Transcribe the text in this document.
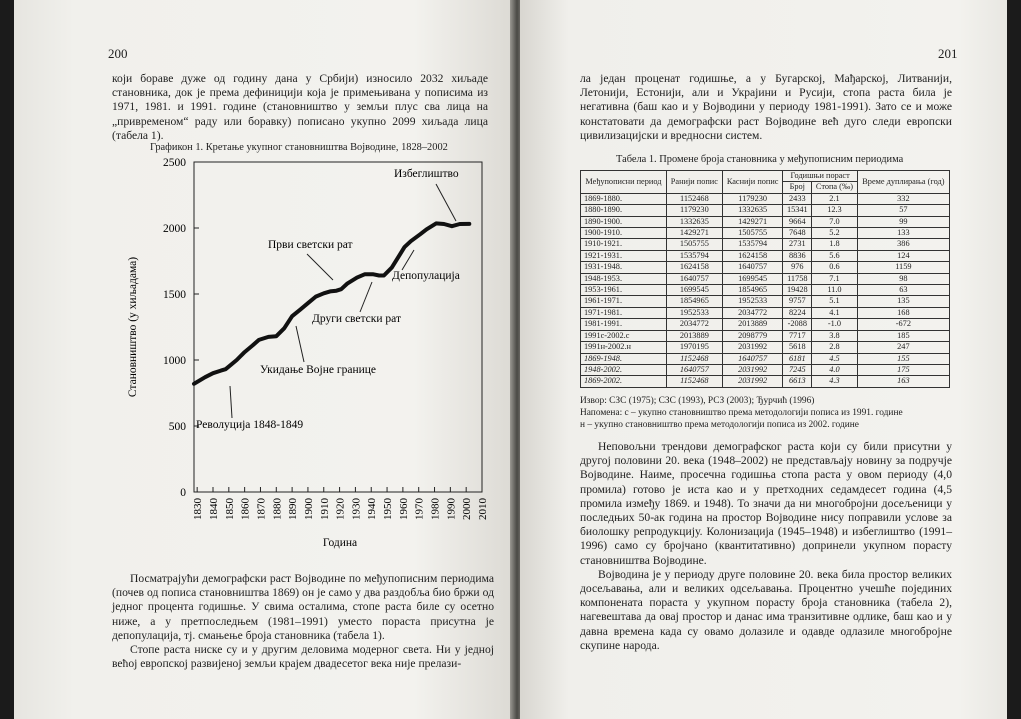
200
који бораве дуже од годину дана у Србији) износило 2032 хиљаде становника, док је према дефиницији која је примењивана у пописима из 1971, 1981. и 1991. године (становништво у земљи плус сва лица на „привременом“ раду или боравку) пописано укупно 2099 хиљада лица (табела 1).
Графикон 1. Кретање укупног становништва Војводине, 1828–2002
0
500
1000
1500
2000
2500
1830 1840 1850 1860 1870 1880 1890 1900 1910 1920 1930 1940 1950 1960 1970 1980 1990 2000 2010
Становништво (у хиљадама)
Година
Избеглиштво
Први светски рат
Депопулација
Други светски рат
Укидање Војне границе
Револуција 1848-1849

Посматрајући демографски раст Војводине по међупописним периодима (почев од пописа становништва 1869) он је само у два раздобља био бржи од једног процента годишње. У свима осталима, стопе раста биле су осетно ниже, а у претпоследњем (1981–1991) уместо пораста присутна је депопулација, тј. смањење броја становника (табела 1).

Стопе раста ниске су и у другим деловима модерног света. Ни у једној већој европској развијеној земљи крајем двадесетог века није прелази-

201
ла један проценат годишње, а у Бугарској, Мађарској, Литванији, Летонији, Естонији, али и Украјини и Русији, стопа раста била је негативна (баш као и у Војводини у периоду 1981-1991). Зато се и може констатовати да демографски раст Војводине већ дуго следи европски цивилизацијски и вредносни систем.
Табела 1. Промене броја становника у међупописним периодима
Међупописни период	Ранији попис	Каснији попис	Годишњи пораст		Време дуплирања (год)
			Број	Стопа (‰)	
1869-1880.	1152468	1179230	2433	2.1	332
1880-1890.	1179230	1332635	15341	12.3	57
1890-1900.	1332635	1429271	9664	7.0	99
1900-1910.	1429271	1505755	7648	5.2	133
1910-1921.	1505755	1535794	2731	1.8	386
1921-1931.	1535794	1624158	8836	5.6	124
1931-1948.	1624158	1640757	976	0.6	1159
1948-1953.	1640757	1699545	11758	7.1	98
1953-1961.	1699545	1854965	19428	11.0	63
1961-1971.	1854965	1952533	9757	5.1	135
1971-1981.	1952533	2034772	8224	4.1	168
1981-1991.	2034772	2013889	-2088	-1.0	-672
1991c-2002.c	2013889	2098779	7717	3.8	185
1991н-2002.н	1970195	2031992	5618	2.8	247
1869-1948.	1152468	1640757	6181	4.5	155
1948-2002.	1640757	2031992	7245	4.0	175
1869-2002.	1152468	2031992	6613	4.3	163
Извор: СЗС (1975); СЗС (1993), РСЗ (2003); Ђурчић (1996)
Напомена: с – укупно становништво према методологији пописа из 1991. године
н – укупно становништво према методологији пописа из 2002. године

Неповољни трендови демографског раста који су били присутни у другој половини 20. века (1948–2002) не представљају новину за подручје Војводине. Наиме, просечна годишња стопа раста у овом периоду (4,0 промила) готово је иста као и у претходних седамдесет година (4,5 промила између 1869. и 1948). То значи да ни многобројни досељеници у последњих 50-ак година на простор Војводине нису поправили услове за биолошку репродукцију. Колонизација (1945–1948) и избеглиштво (1991–1996) само су бројчано (квантитативно) допринели укупном порасту становништва Војводине.

Војводина је у периоду друге половине 20. века била простор великих досељавања, али и великих одсељавања. Процентно учешће појединих компонената пораста у укупном порасту броја становника (табела 2), нагевештава да овај простор и данас има транзитивне одлике, баш као и у давна времена када су овамо долазиле и одавде одлазиле многобројне скупине народа.
